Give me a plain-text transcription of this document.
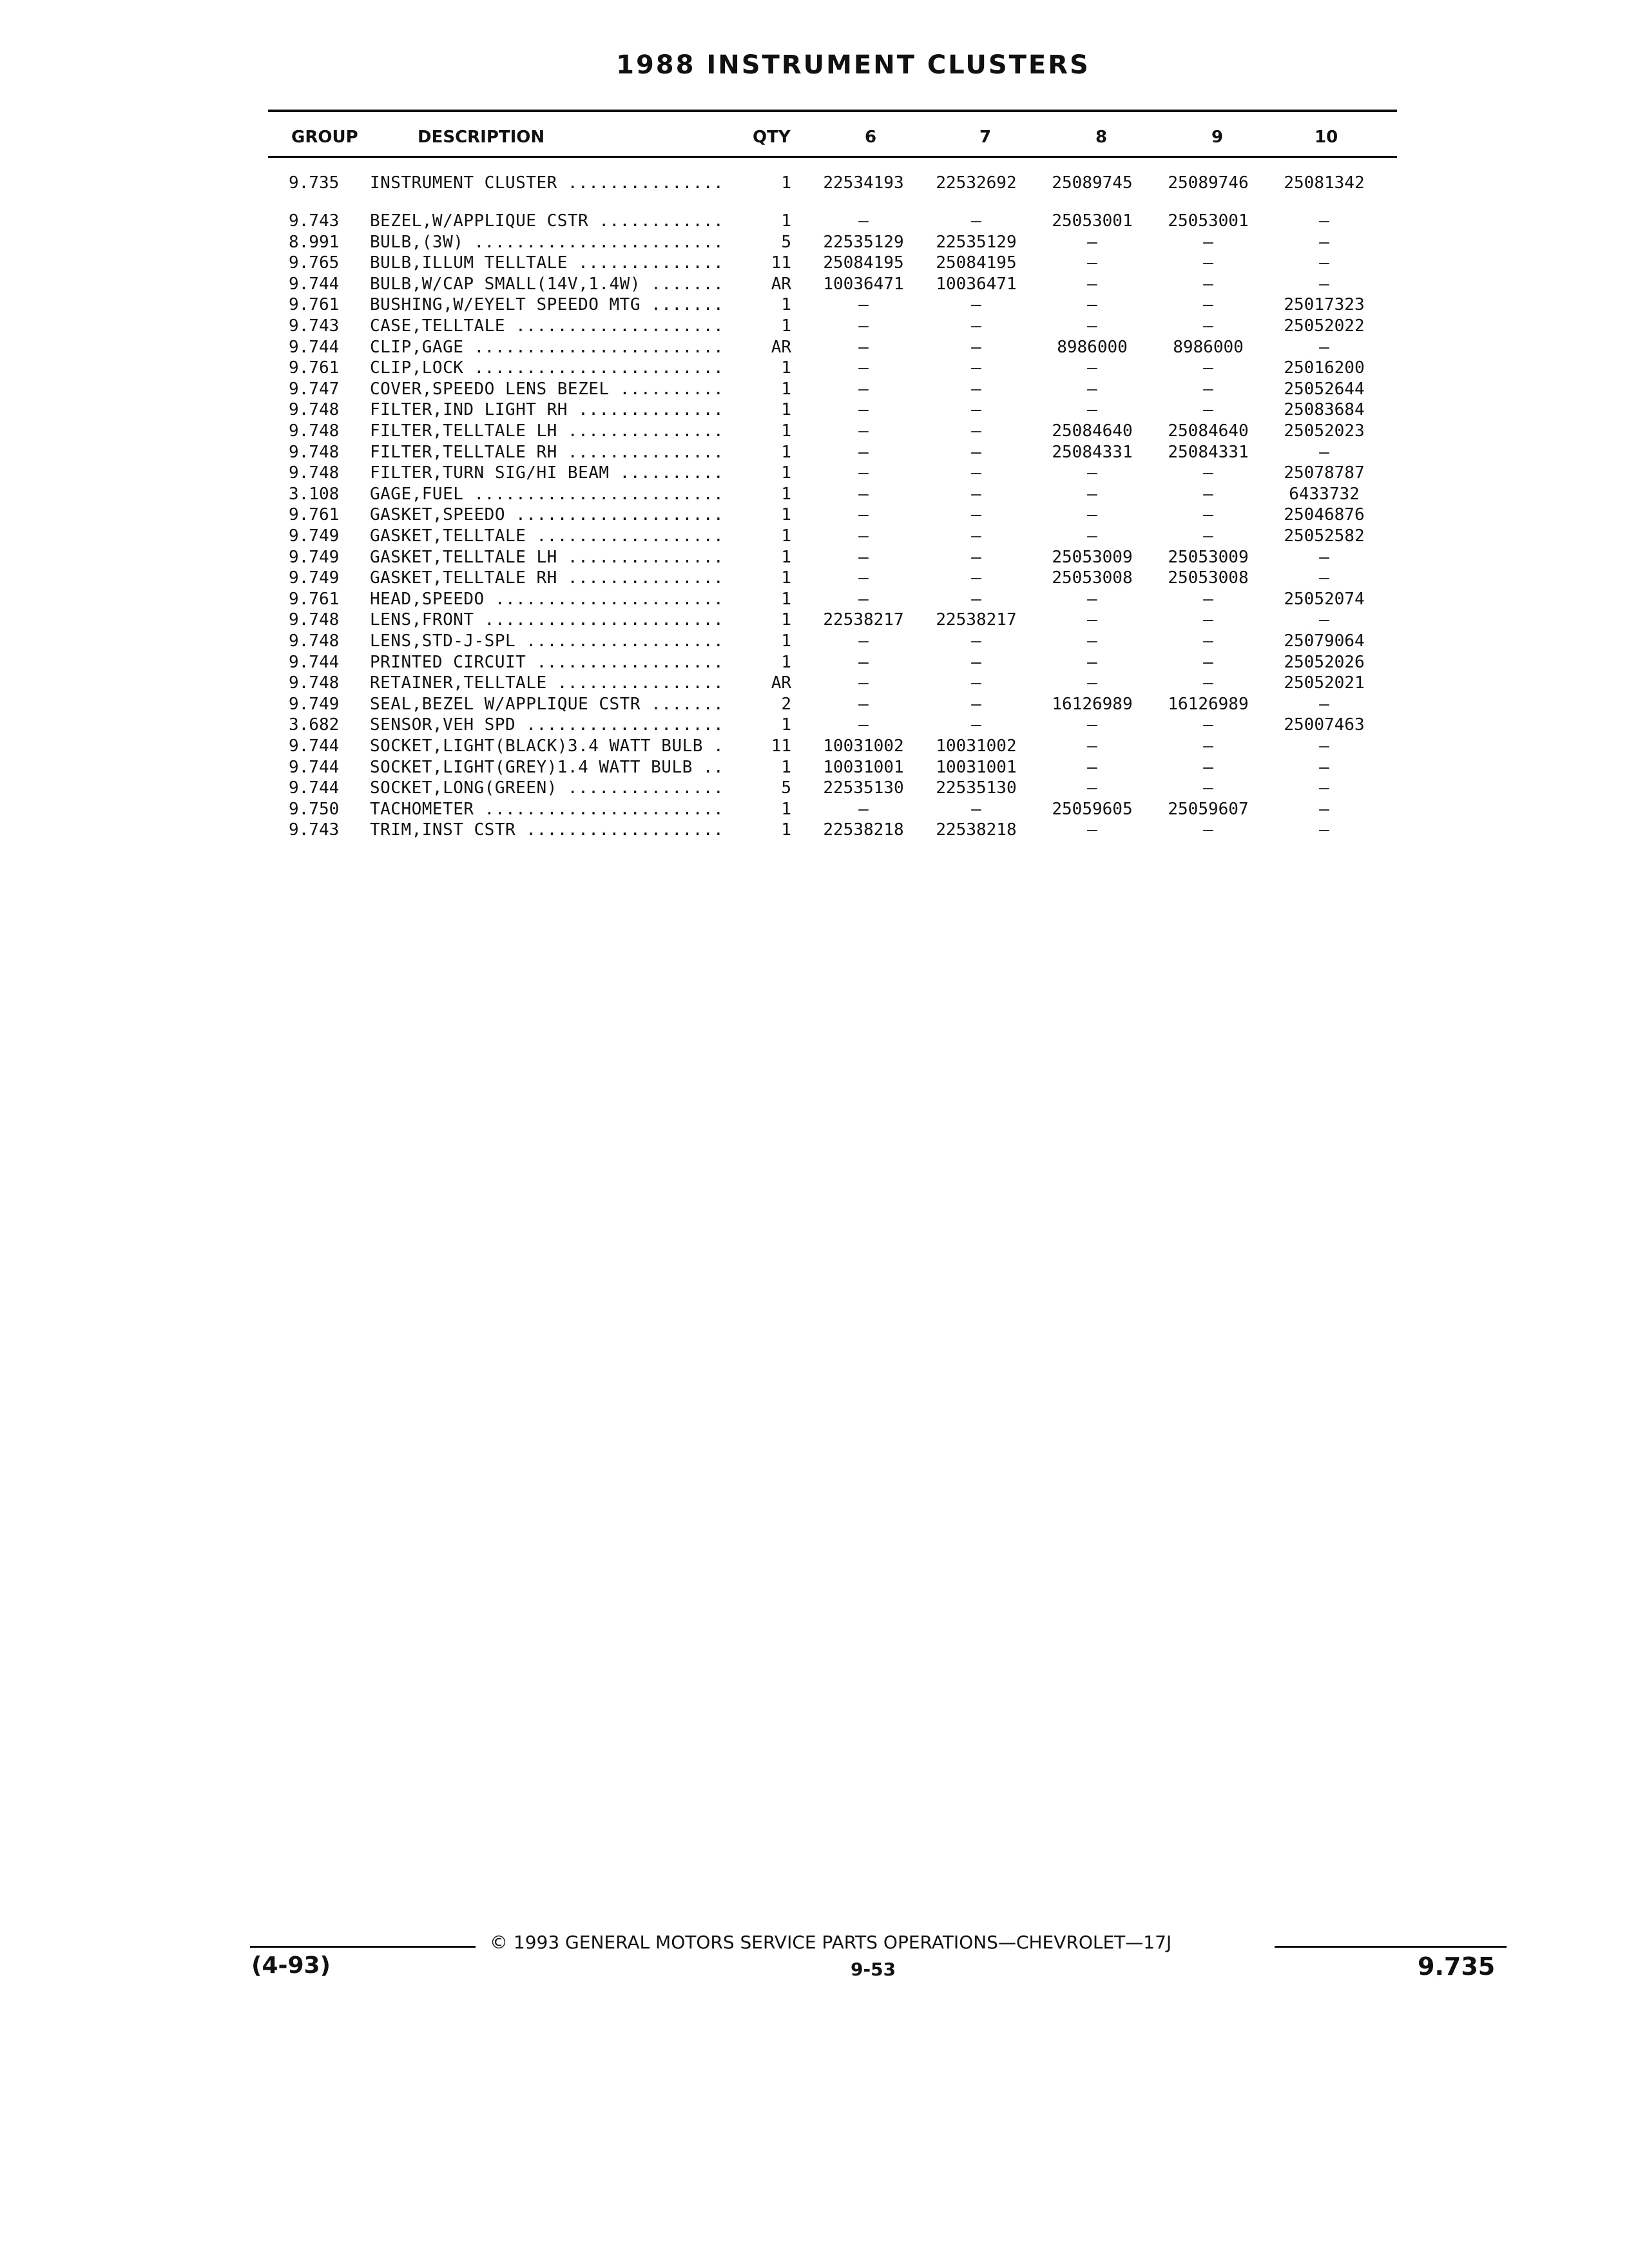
1988 INSTRUMENT CLUSTERS
GROUP	DESCRIPTION	QTY	6	7	8	9	10
9.735 INSTRUMENT CLUSTER ...............	1	22534193	22532692	25089745	25089746	25081342
9.743 BEZEL,W/APPLIQUE CSTR ............	1	—	—	25053001	25053001	—
8.991 BULB,(3W) ........................	5	22535129	22535129	—	—	—
9.765 BULB,ILLUM TELLTALE ..............	11	25084195	25084195	—	—	—
9.744 BULB,W/CAP SMALL(14V,1.4W) .......	AR	10036471	10036471	—	—	—
9.761 BUSHING,W/EYELT SPEEDO MTG .......	1	—	—	—	—	25017323
9.743 CASE,TELLTALE ....................	1	—	—	—	—	25052022
9.744 CLIP,GAGE ........................	AR	—	—	8986000	8986000	—
9.761 CLIP,LOCK ........................	1	—	—	—	—	25016200
9.747 COVER,SPEEDO LENS BEZEL ..........	1	—	—	—	—	25052644
9.748 FILTER,IND LIGHT RH ..............	1	—	—	—	—	25083684
9.748 FILTER,TELLTALE LH ...............	1	—	—	25084640	25084640	25052023
9.748 FILTER,TELLTALE RH ...............	1	—	—	25084331	25084331	—
9.748 FILTER,TURN SIG/HI BEAM ..........	1	—	—	—	—	25078787
3.108 GAGE,FUEL ........................	1	—	—	—	—	6433732
9.761 GASKET,SPEEDO ....................	1	—	—	—	—	25046876
9.749 GASKET,TELLTALE ..................	1	—	—	—	—	25052582
9.749 GASKET,TELLTALE LH ...............	1	—	—	25053009	25053009	—
9.749 GASKET,TELLTALE RH ...............	1	—	—	25053008	25053008	—
9.761 HEAD,SPEEDO ......................	1	—	—	—	—	25052074
9.748 LENS,FRONT .......................	1	22538217	22538217	—	—	—
9.748 LENS,STD-J-SPL ...................	1	—	—	—	—	25079064
9.744 PRINTED CIRCUIT ..................	1	—	—	—	—	25052026
9.748 RETAINER,TELLTALE ................	AR	—	—	—	—	25052021
9.749 SEAL,BEZEL W/APPLIQUE CSTR .......	2	—	—	16126989	16126989	—
3.682 SENSOR,VEH SPD ...................	1	—	—	—	—	25007463
9.744 SOCKET,LIGHT(BLACK)3.4 WATT BULB .	11	10031002	10031002	—	—	—
9.744 SOCKET,LIGHT(GREY)1.4 WATT BULB ..	1	10031001	10031001	—	—	—
9.744 SOCKET,LONG(GREEN) ...............	5	22535130	22535130	—	—	—
9.750 TACHOMETER .......................	1	—	—	25059605	25059607	—
9.743 TRIM,INST CSTR ...................	1	22538218	22538218	—	—	—
© 1993 GENERAL MOTORS SERVICE PARTS OPERATIONS—CHEVROLET—17J
(4-93)	9-53	9.735
